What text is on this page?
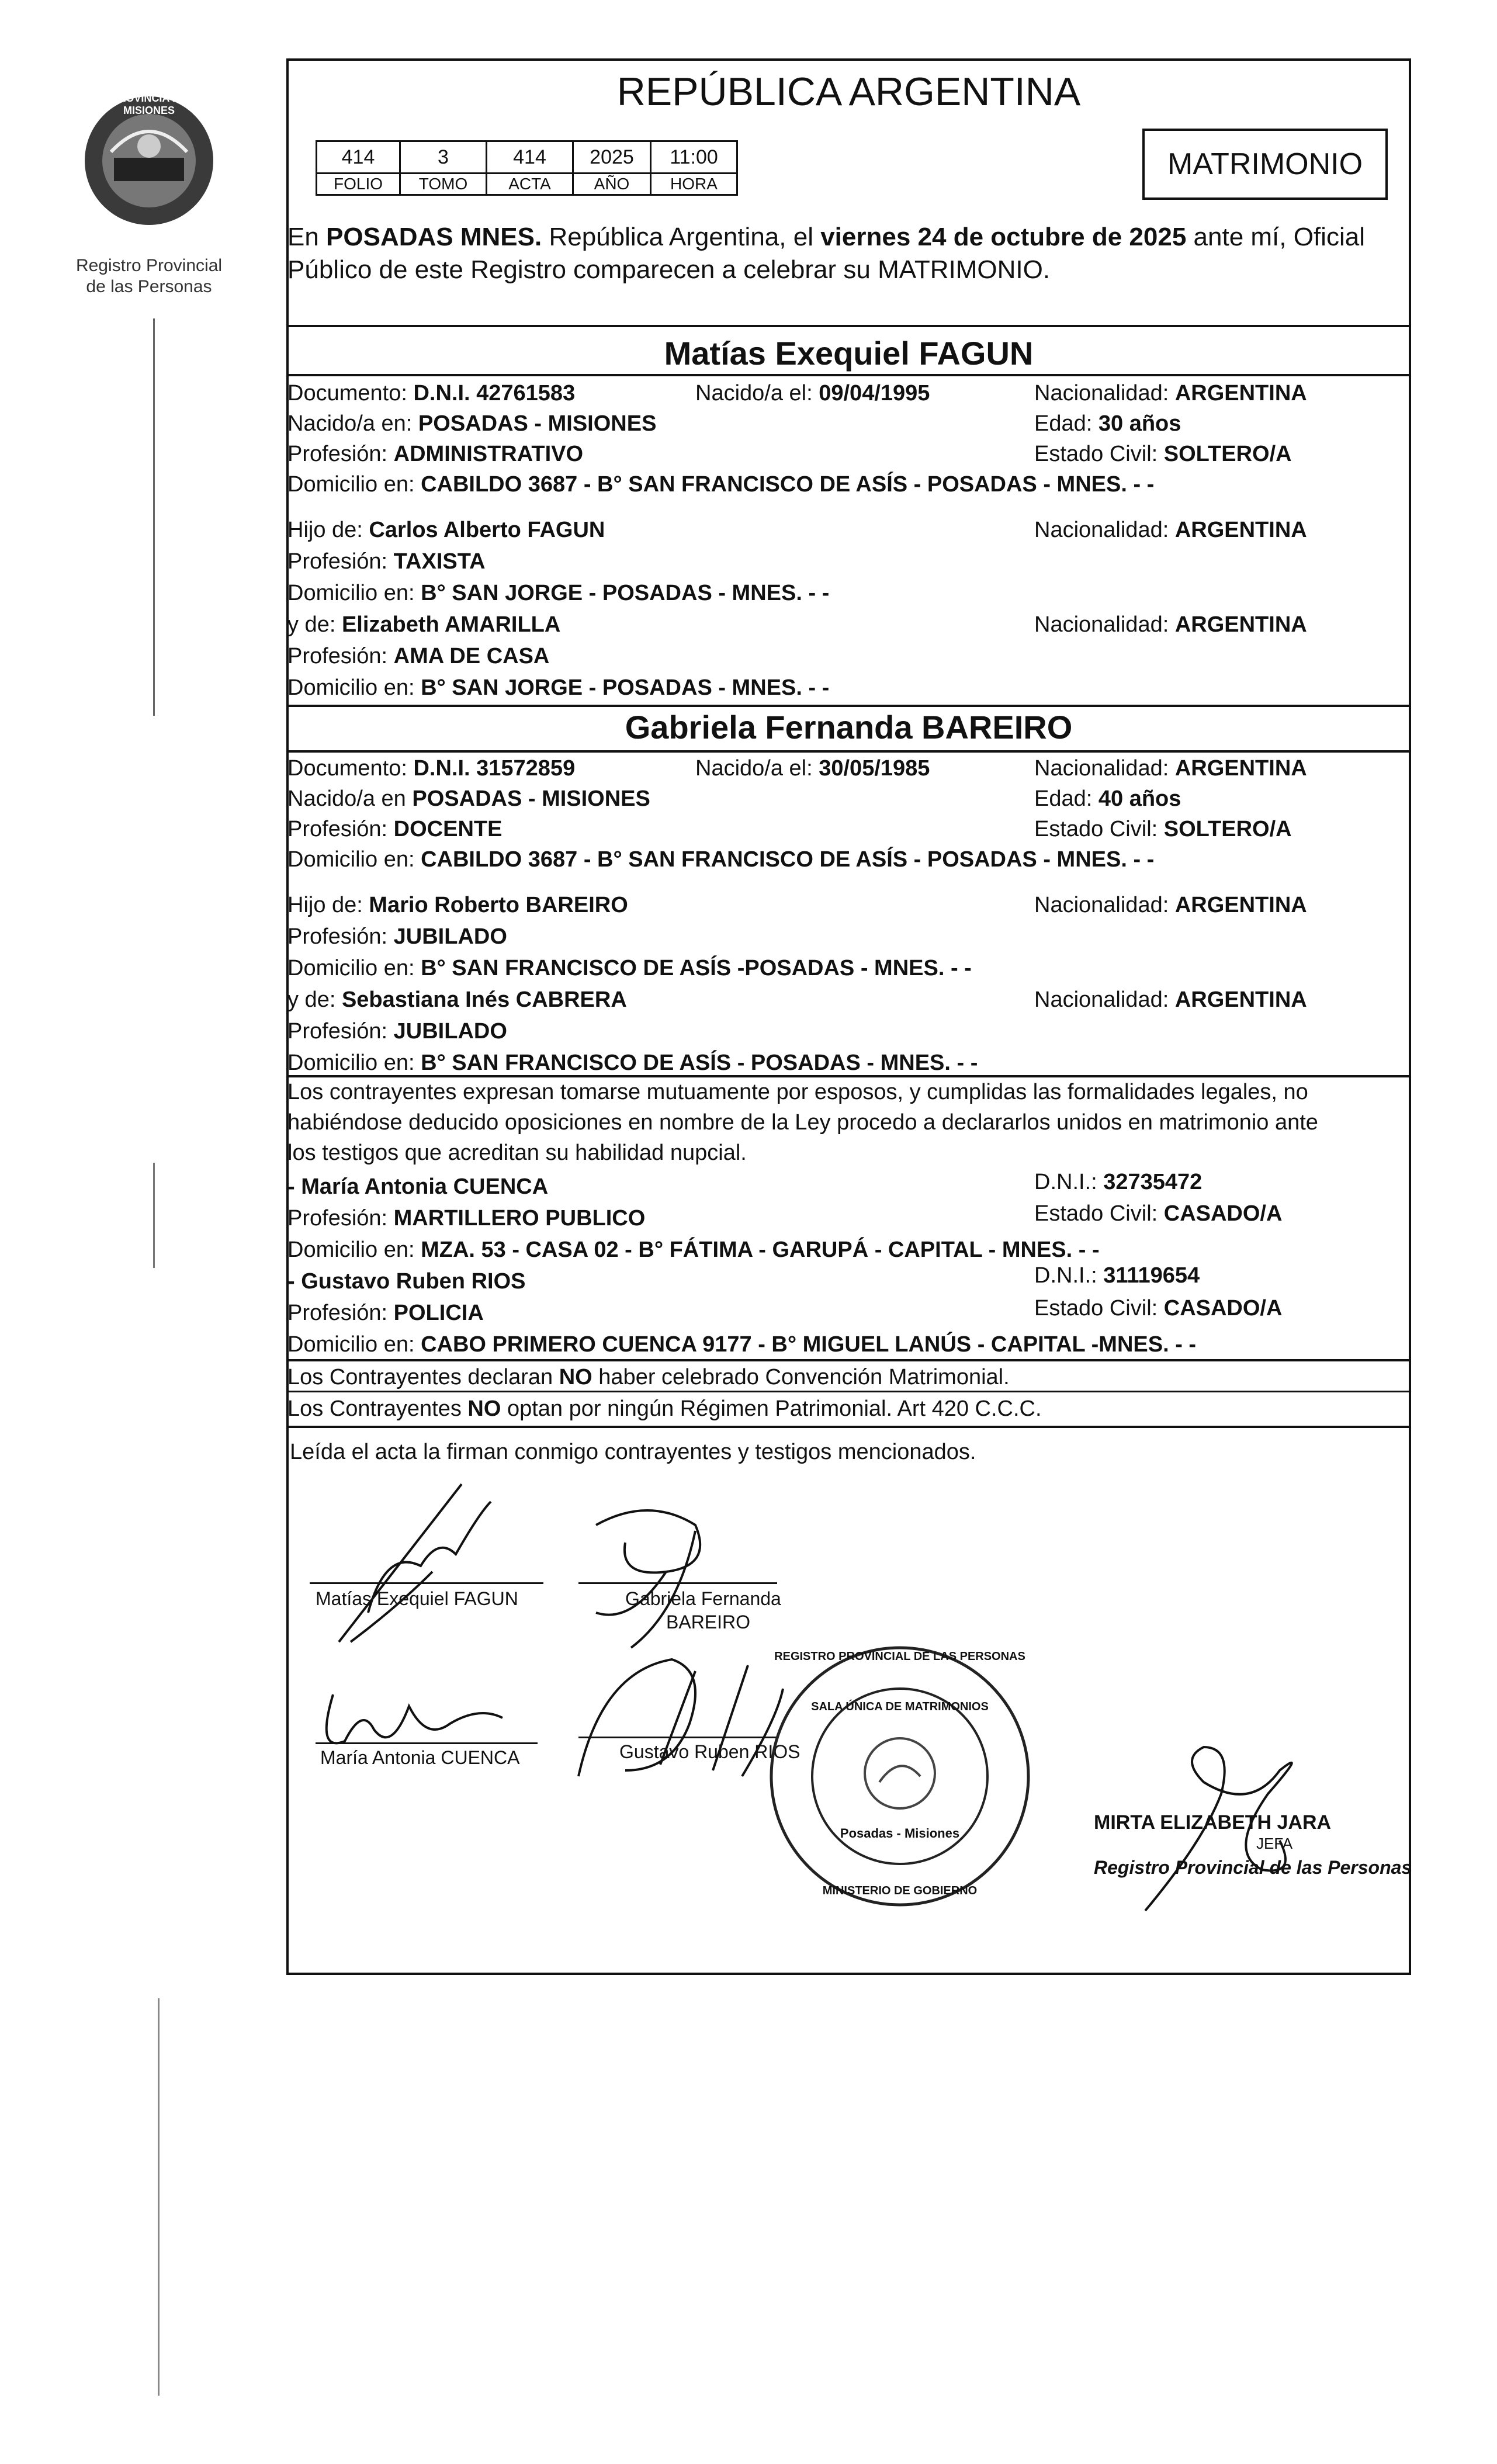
PROVINCIA DE MISIONES
Registro Provincial
de las Personas
REPÚBLICA ARGENTINA
414	3	414	2025	11:00
FOLIO	TOMO	ACTA	AÑO	HORA
MATRIMONIO
En POSADAS MNES. República Argentina, el viernes 24 de octubre de 2025 ante mí, Oficial
Público de este Registro comparecen a celebrar su MATRIMONIO.
Matías Exequiel FAGUN
Documento: D.N.I. 42761583	Nacido/a el: 09/04/1995	Nacionalidad: ARGENTINA
Nacido/a en: POSADAS - MISIONES	Edad: 30 años
Profesión: ADMINISTRATIVO	Estado Civil: SOLTERO/A
Domicilio en: CABILDO 3687 - B° SAN FRANCISCO DE ASÍS - POSADAS - MNES. - -
Hijo de: Carlos Alberto FAGUN	Nacionalidad: ARGENTINA
Profesión: TAXISTA
Domicilio en: B° SAN JORGE - POSADAS - MNES. - -
y de: Elizabeth AMARILLA	Nacionalidad: ARGENTINA
Profesión: AMA DE CASA
Domicilio en: B° SAN JORGE - POSADAS - MNES. - -
Gabriela Fernanda BAREIRO
Documento: D.N.I. 31572859	Nacido/a el: 30/05/1985	Nacionalidad: ARGENTINA
Nacido/a en POSADAS - MISIONES	Edad: 40 años
Profesión: DOCENTE	Estado Civil: SOLTERO/A
Domicilio en: CABILDO 3687 - B° SAN FRANCISCO DE ASÍS - POSADAS - MNES. - -
Hijo de: Mario Roberto BAREIRO	Nacionalidad: ARGENTINA
Profesión: JUBILADO
Domicilio en: B° SAN FRANCISCO DE ASÍS -POSADAS - MNES. - -
y de: Sebastiana Inés CABRERA	Nacionalidad: ARGENTINA
Profesión: JUBILADO
Domicilio en: B° SAN FRANCISCO DE ASÍS - POSADAS - MNES. - -
Los contrayentes expresan tomarse mutuamente por esposos, y cumplidas las formalidades legales, no
habiéndose deducido oposiciones en nombre de la Ley procedo a declararlos unidos en matrimonio ante
los testigos que acreditan su habilidad nupcial.
- María Antonia CUENCA	D.N.I.: 32735472
Profesión: MARTILLERO PUBLICO	Estado Civil: CASADO/A
Domicilio en: MZA. 53 - CASA 02 - B° FÁTIMA - GARUPÁ - CAPITAL - MNES. - -
- Gustavo Ruben RIOS	D.N.I.: 31119654
Profesión: POLICIA	Estado Civil: CASADO/A
Domicilio en: CABO PRIMERO CUENCA 9177 - B° MIGUEL LANÚS - CAPITAL -MNES. - -
Los Contrayentes declaran NO haber celebrado Convención Matrimonial.
Los Contrayentes NO optan por ningún Régimen Patrimonial. Art 420 C.C.C.
Leída el acta la firman conmigo contrayentes y testigos mencionados.
Matías Exequiel FAGUN	Gabriela Fernanda
BAREIRO
María Antonia CUENCA	Gustavo Ruben RIOS
REGISTRO PROVINCIAL DE LAS PERSONAS
SALA ÚNICA DE MATRIMONIOS
Posadas - Misiones
MINISTERIO DE GOBIERNO
MIRTA ELIZABETH JARA
JEFA
Registro Provincial de las Personas
